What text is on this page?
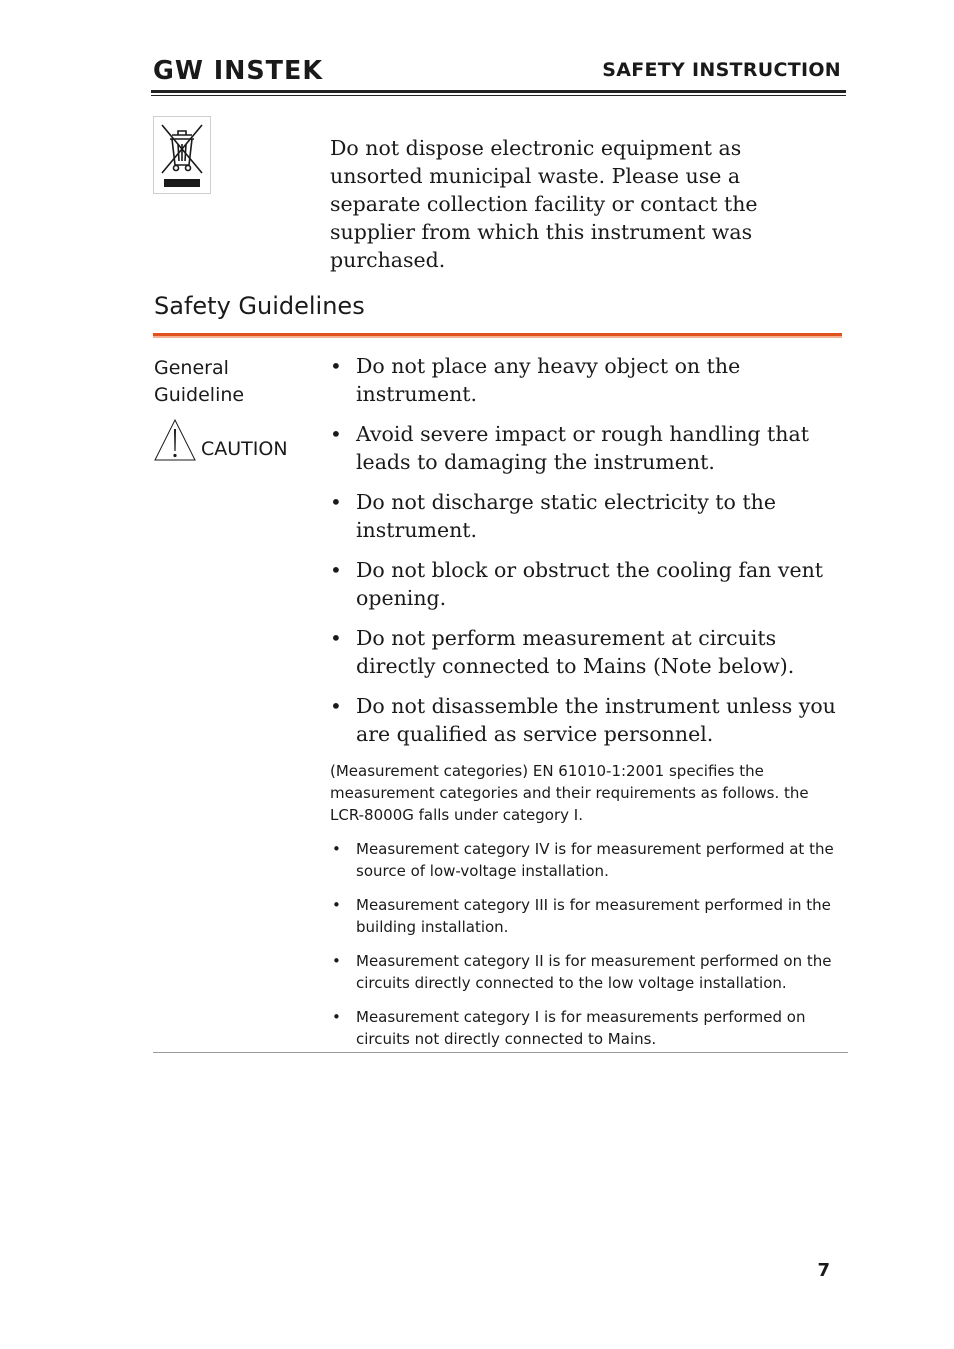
GW INSTEK	SAFETY INSTRUCTION
Do not dispose electronic equipment as unsorted municipal waste. Please use a separate collection facility or contact the supplier from which this instrument was purchased.
Safety Guidelines
General Guideline
CAUTION
• Do not place any heavy object on the instrument.
• Avoid severe impact or rough handling that leads to damaging the instrument.
• Do not discharge static electricity to the instrument.
• Do not block or obstruct the cooling fan vent opening.
• Do not perform measurement at circuits directly connected to Mains (Note below).
• Do not disassemble the instrument unless you are qualified as service personnel.
(Measurement categories) EN 61010-1:2001 specifies the measurement categories and their requirements as follows. the LCR-8000G falls under category I.
• Measurement category IV is for measurement performed at the source of low-voltage installation.
• Measurement category III is for measurement performed in the building installation.
• Measurement category II is for measurement performed on the circuits directly connected to the low voltage installation.
• Measurement category I is for measurements performed on circuits not directly connected to Mains.
7
